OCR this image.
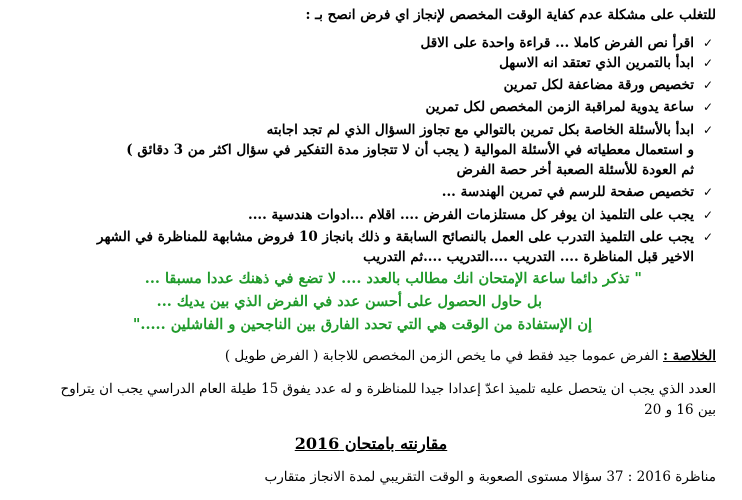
للتغلب على مشكلة عدم كفاية الوقت المخصص لإنجاز اي فرض انصح بـ :
✓اقرأ نص الفرض كاملا ... قراءة واحدة على الاقل
✓ابدأ بالتمرين الذي تعتقد انه الاسهل
✓تخصيص ورقة مضاعفة لكل تمرين
✓ساعة يدوية لمراقبة الزمن المخصص لكل تمرين
✓ابدأ بالأسئلة الخاصة بكل تمرين بالتوالي مع تجاوز السؤال الذي لم تجد اجابته
و استعمال معطياته في الأسئلة الموالية ( يجب أن لا تتجاوز مدة التفكير في سؤال اكثر من 3 دقائق )
ثم العودة للأسئلة الصعبة أخر حصة الفرض
✓تخصيص صفحة للرسم في تمرين الهندسة ...
✓يجب على التلميذ ان يوفر كل مستلزمات الفرض .... اقلام ...ادوات هندسية ....
✓يجب على التلميذ التدرب على العمل بالنصائح السابقة و ذلك بانجاز 10 فروض مشابهة للمناظرة في الشهر
الاخير قبل المناظرة .... التدريب ....التدريب ....ثم التدريب
" تذكر دائما ساعة الإمتحان انك مطالب بالعدد .... لا تضع في ذهنك عددا مسبقا ...
بل حاول الحصول على أحسن عدد في الفرض الذي بين يديك ...
إن الإستفادة من الوقت هي التي تحدد الفارق بين الناجحين و الفاشلين ....."
الخلاصة : الفرض عموما جيد فقط في ما يخص الزمن المخصص للاجابة ( الفرض طويل )
العدد الذي يجب ان يتحصل عليه تلميذ اعدّ إعدادا جيدا للمناظرة و له عدد يفوق 15 طيلة العام الدراسي يجب ان يتراوح
بين 16 و 20
مقارنته بامتحان 2016
مناظرة 2016 : 37 سؤالا مستوى الصعوبة و الوقت التقريبي لمدة الانجاز متقارب
